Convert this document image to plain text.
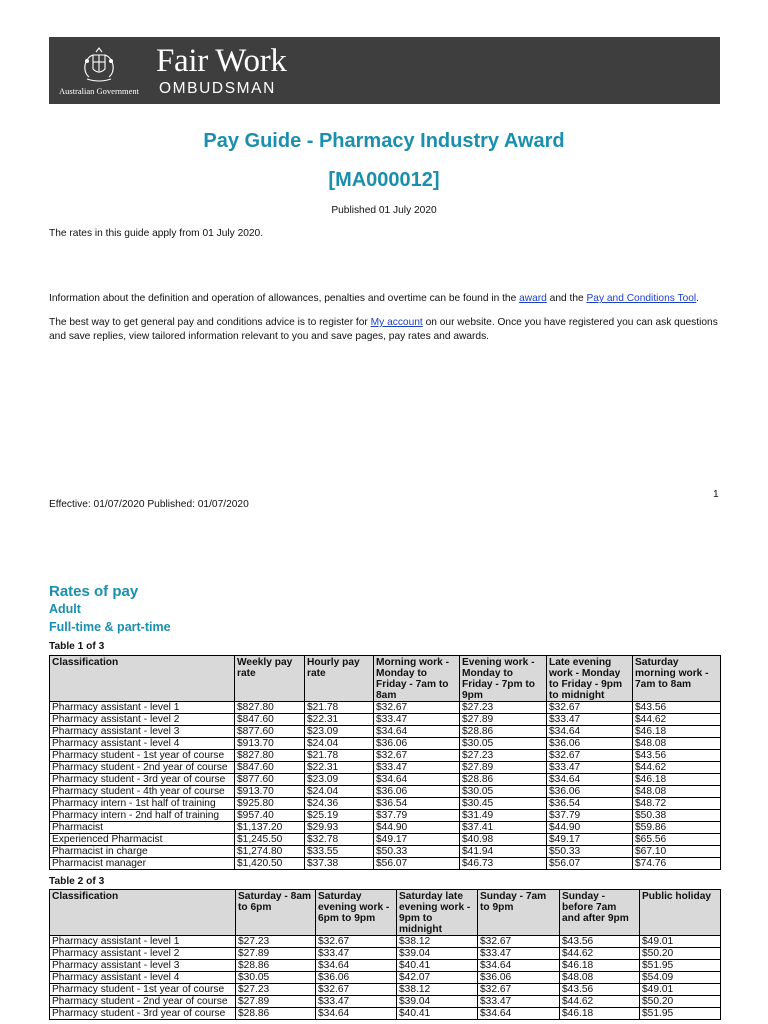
Australian Government
Fair Work
OMBUDSMAN
Pay Guide - Pharmacy Industry Award
[MA000012]
Published 01 July 2020
The rates in this guide apply from 01 July 2020.
Information about the definition and operation of allowances, penalties and overtime can be found in the award and the Pay and Conditions Tool.
The best way to get general pay and conditions advice is to register for My account on our website. Once you have registered you can ask questions
and save replies, view tailored information relevant to you and save pages, pay rates and awards.
1
Effective: 01/07/2020 Published: 01/07/2020
Rates of pay
Adult
Full-time & part-time
Table 1 of 3
Classification	Weekly pay rate	Hourly pay rate	Morning work - Monday to Friday - 7am to 8am	Evening work - Monday to Friday - 7pm to 9pm	Late evening work - Monday to Friday - 9pm to midnight	Saturday morning work - 7am to 8am
Pharmacy assistant - level 1	$827.80	$21.78	$32.67	$27.23	$32.67	$43.56
Pharmacy assistant - level 2	$847.60	$22.31	$33.47	$27.89	$33.47	$44.62
Pharmacy assistant - level 3	$877.60	$23.09	$34.64	$28.86	$34.64	$46.18
Pharmacy assistant - level 4	$913.70	$24.04	$36.06	$30.05	$36.06	$48.08
Pharmacy student - 1st year of course	$827.80	$21.78	$32.67	$27.23	$32.67	$43.56
Pharmacy student - 2nd year of course	$847.60	$22.31	$33.47	$27.89	$33.47	$44.62
Pharmacy student - 3rd year of course	$877.60	$23.09	$34.64	$28.86	$34.64	$46.18
Pharmacy student - 4th year of course	$913.70	$24.04	$36.06	$30.05	$36.06	$48.08
Pharmacy intern - 1st half of training	$925.80	$24.36	$36.54	$30.45	$36.54	$48.72
Pharmacy intern - 2nd half of training	$957.40	$25.19	$37.79	$31.49	$37.79	$50.38
Pharmacist	$1,137.20	$29.93	$44.90	$37.41	$44.90	$59.86
Experienced Pharmacist	$1,245.50	$32.78	$49.17	$40.98	$49.17	$65.56
Pharmacist in charge	$1,274.80	$33.55	$50.33	$41.94	$50.33	$67.10
Pharmacist manager	$1,420.50	$37.38	$56.07	$46.73	$56.07	$74.76
Table 2 of 3
Classification	Saturday - 8am to 6pm	Saturday evening work - 6pm to 9pm	Saturday late evening work - 9pm to midnight	Sunday - 7am to 9pm	Sunday - before 7am and after 9pm	Public holiday
Pharmacy assistant - level 1	$27.23	$32.67	$38.12	$32.67	$43.56	$49.01
Pharmacy assistant - level 2	$27.89	$33.47	$39.04	$33.47	$44.62	$50.20
Pharmacy assistant - level 3	$28.86	$34.64	$40.41	$34.64	$46.18	$51.95
Pharmacy assistant - level 4	$30.05	$36.06	$42.07	$36.06	$48.08	$54.09
Pharmacy student - 1st year of course	$27.23	$32.67	$38.12	$32.67	$43.56	$49.01
Pharmacy student - 2nd year of course	$27.89	$33.47	$39.04	$33.47	$44.62	$50.20
Pharmacy student - 3rd year of course	$28.86	$34.64	$40.41	$34.64	$46.18	$51.95
